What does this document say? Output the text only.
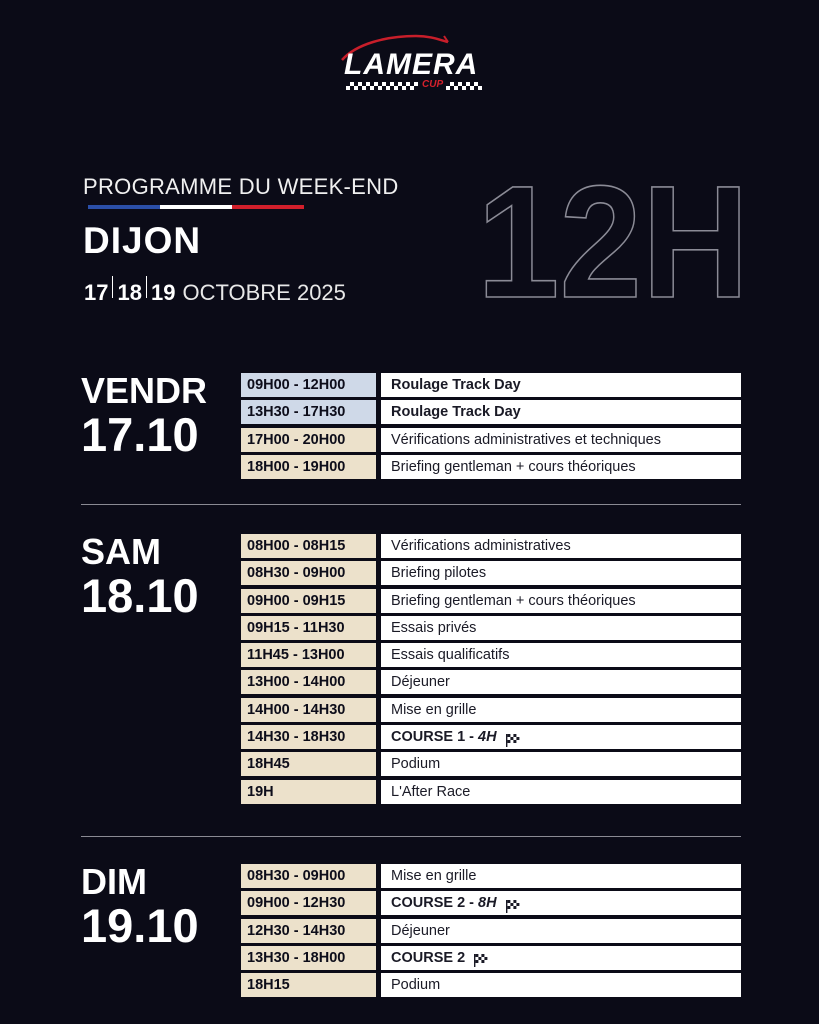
LAMERA
CUP
PROGRAMME DU WEEK-END
DIJON
17 18 19 OCTOBRE 2025 12H
VENDR
17.10
09H00 - 12H00	Roulage Track Day
13H30 - 17H30	Roulage Track Day
17H00 - 20H00	Vérifications administratives et techniques
18H00 - 19H00	Briefing gentleman + cours théoriques
SAM
18.10
08H00 - 08H15	Vérifications administratives
08H30 - 09H00	Briefing pilotes
09H00 - 09H15	Briefing gentleman + cours théoriques
09H15 - 11H30	Essais privés
11H45 - 13H00	Essais qualificatifs
13H00 - 14H00	Déjeuner
14H00 - 14H30	Mise en grille
14H30 - 18H30	COURSE 1 - 4H
18H45	Podium
19H	L'After Race
DIM
19.10
08H30 - 09H00	Mise en grille
09H00 - 12H30	COURSE 2 - 8H
12H30 - 14H30	Déjeuner
13H30 - 18H00	COURSE 2
18H15	Podium
